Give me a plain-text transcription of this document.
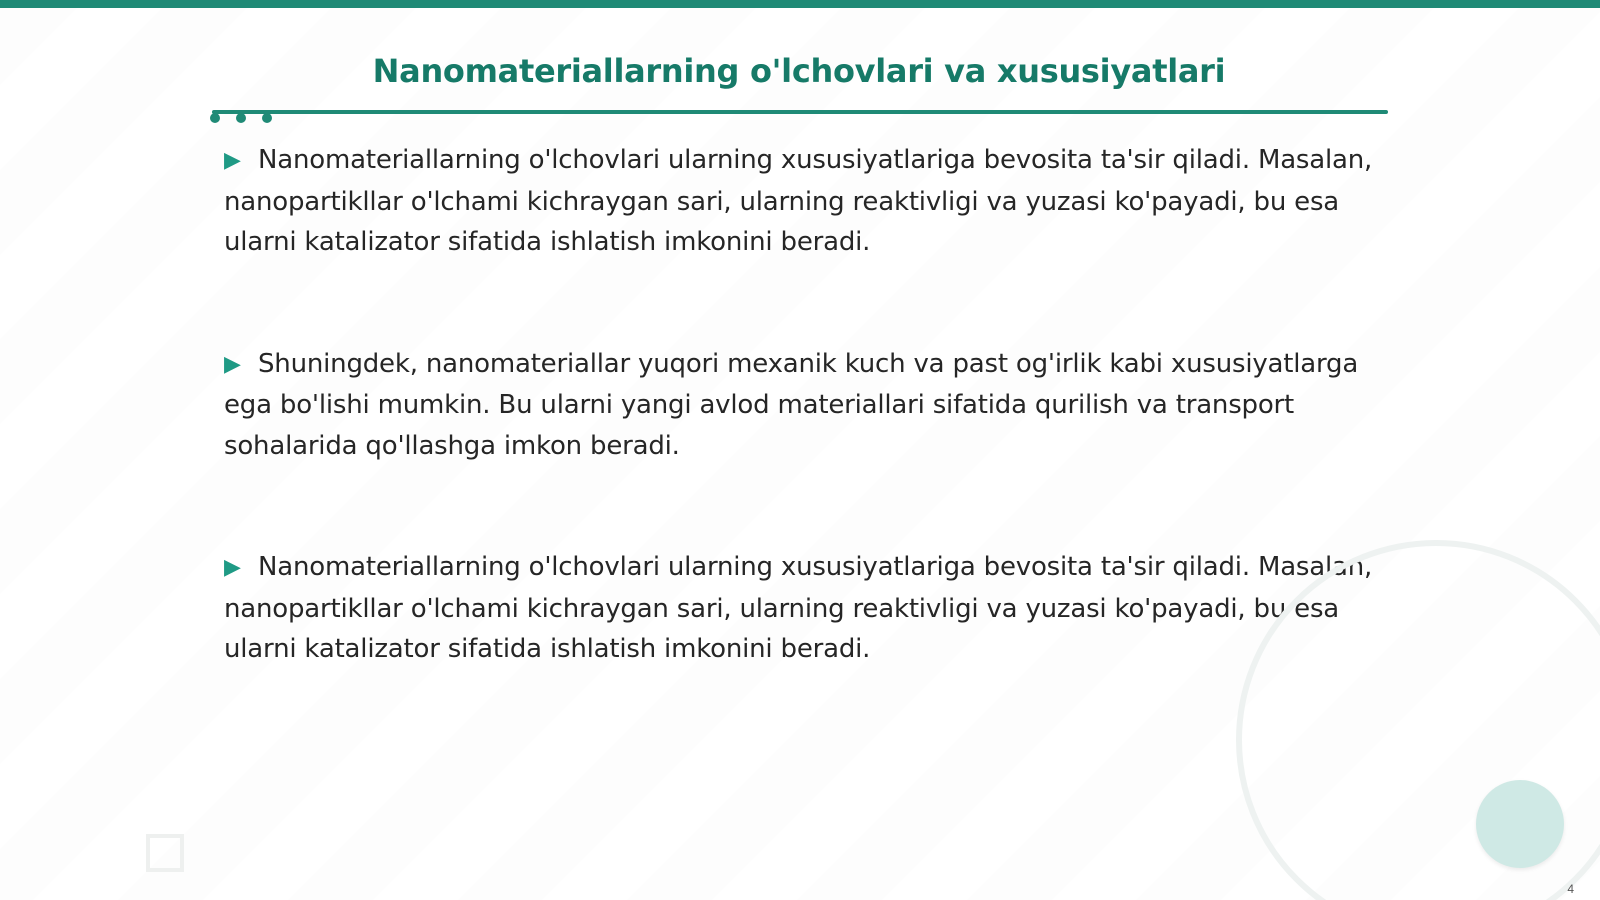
Nanomateriallarning o'lchovlari va xususiyatlari

▶ Nanomateriallarning o'lchovlari ularning xususiyatlariga bevosita ta'sir qiladi. Masalan, nanopartikllar o'lchami kichraygan sari, ularning reaktivligi va yuzasi ko'payadi, bu esa ularni katalizator sifatida ishlatish imkonini beradi.

▶ Shuningdek, nanomateriallar yuqori mexanik kuch va past og'irlik kabi xususiyatlarga ega bo'lishi mumkin. Bu ularni yangi avlod materiallari sifatida qurilish va transport sohalarida qo'llashga imkon beradi.

▶ Nanomateriallarning o'lchovlari ularning xususiyatlariga bevosita ta'sir qiladi. Masalan, nanopartikllar o'lchami kichraygan sari, ularning reaktivligi va yuzasi ko'payadi, bu esa ularni katalizator sifatida ishlatish imkonini beradi.

4
